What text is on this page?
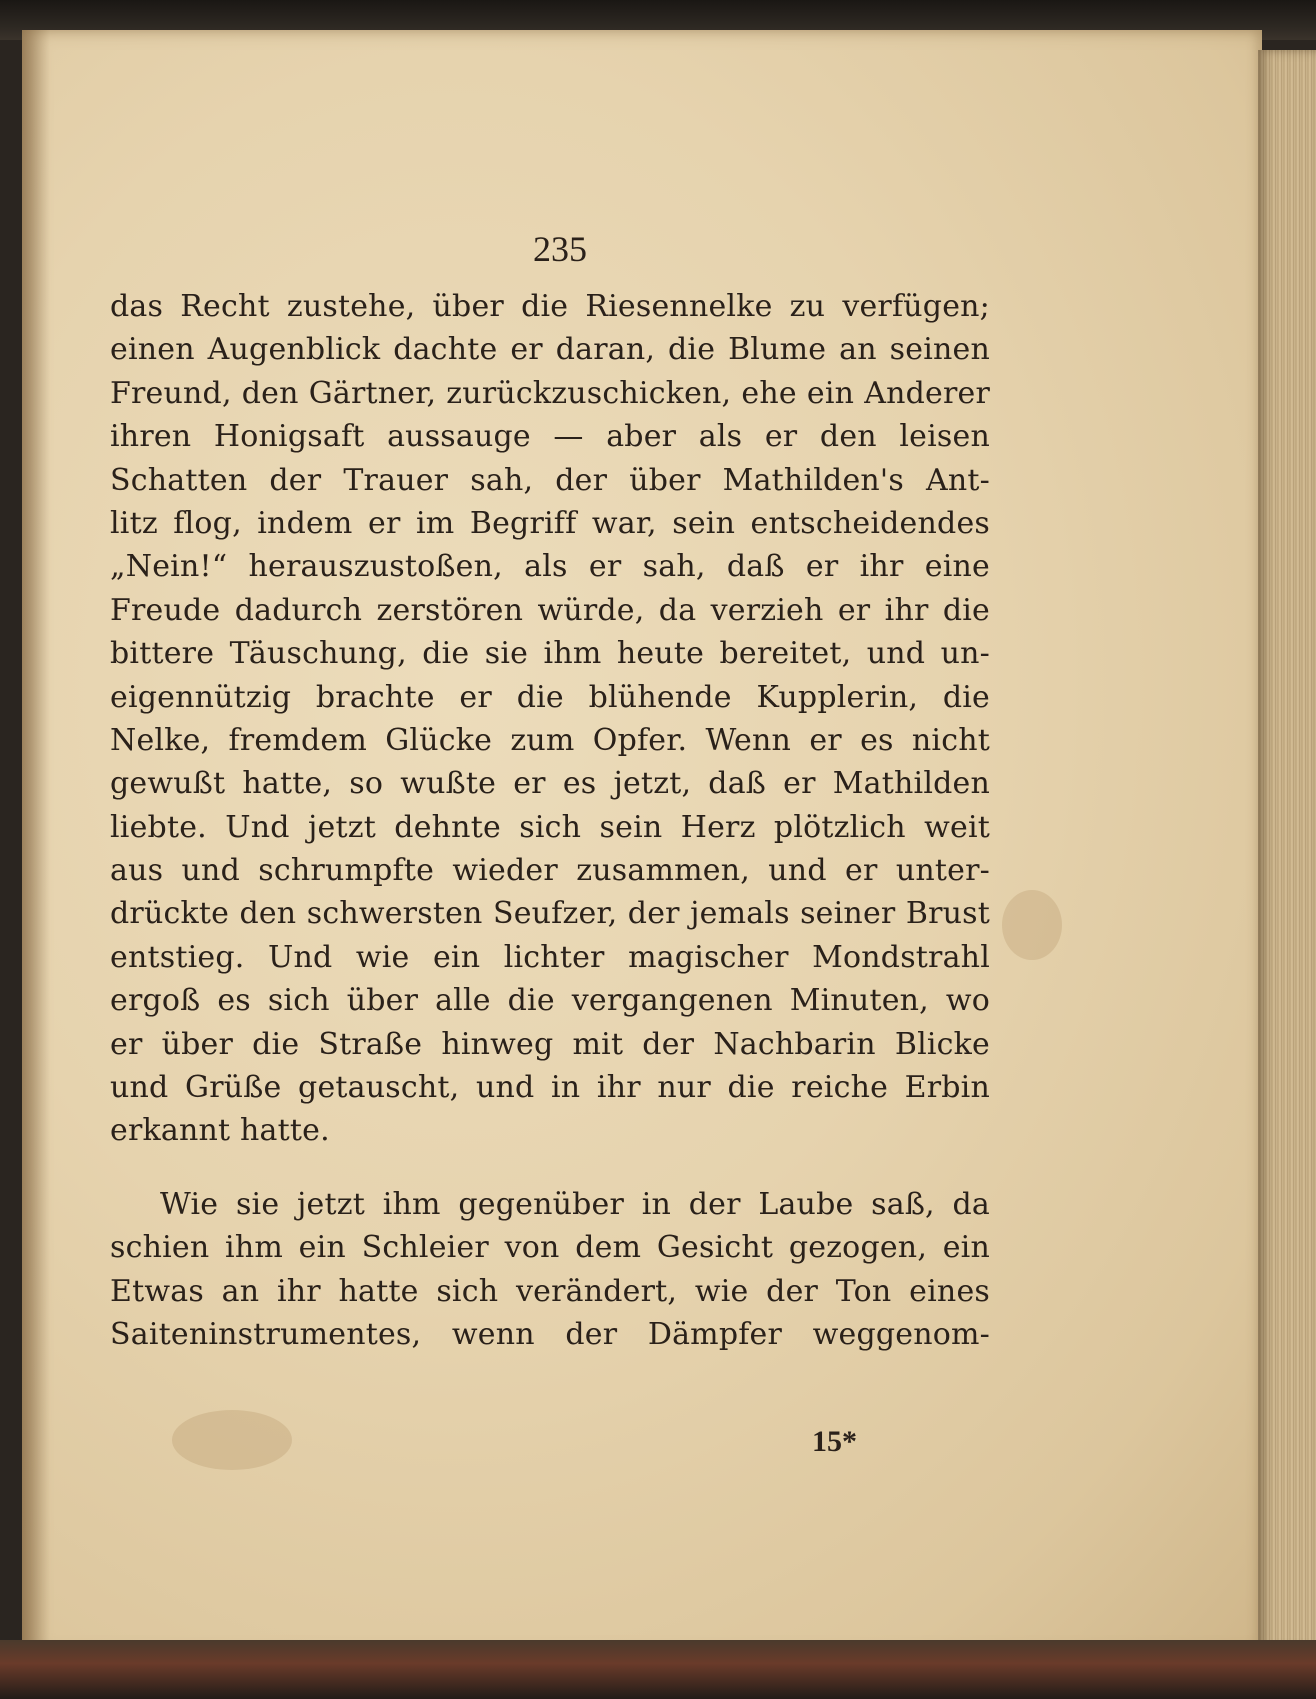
235

das Recht zustehe, über die Riesennelke zu verfügen;
einen Augenblick dachte er daran, die Blume an seinen
Freund, den Gärtner, zurückzuschicken, ehe ein Anderer
ihren Honigsaft aussauge — aber als er den leisen
Schatten der Trauer sah, der über Mathilden's Ant-
litz flog, indem er im Begriff war, sein entscheidendes
„Nein!“ herauszustoßen, als er sah, daß er ihr eine
Freude dadurch zerstören würde, da verzieh er ihr die
bittere Täuschung, die sie ihm heute bereitet, und un-
eigennützig brachte er die blühende Kupplerin, die
Nelke, fremdem Glücke zum Opfer. Wenn er es nicht
gewußt hatte, so wußte er es jetzt, daß er Mathilden
liebte. Und jetzt dehnte sich sein Herz plötzlich weit
aus und schrumpfte wieder zusammen, und er unter-
drückte den schwersten Seufzer, der jemals seiner Brust
entstieg. Und wie ein lichter magischer Mondstrahl
ergoß es sich über alle die vergangenen Minuten, wo
er über die Straße hinweg mit der Nachbarin Blicke
und Grüße getauscht, und in ihr nur die reiche Erbin
erkannt hatte.
Wie sie jetzt ihm gegenüber in der Laube saß, da
schien ihm ein Schleier von dem Gesicht gezogen, ein
Etwas an ihr hatte sich verändert, wie der Ton eines
Saiteninstrumentes, wenn der Dämpfer weggenom-
15*
